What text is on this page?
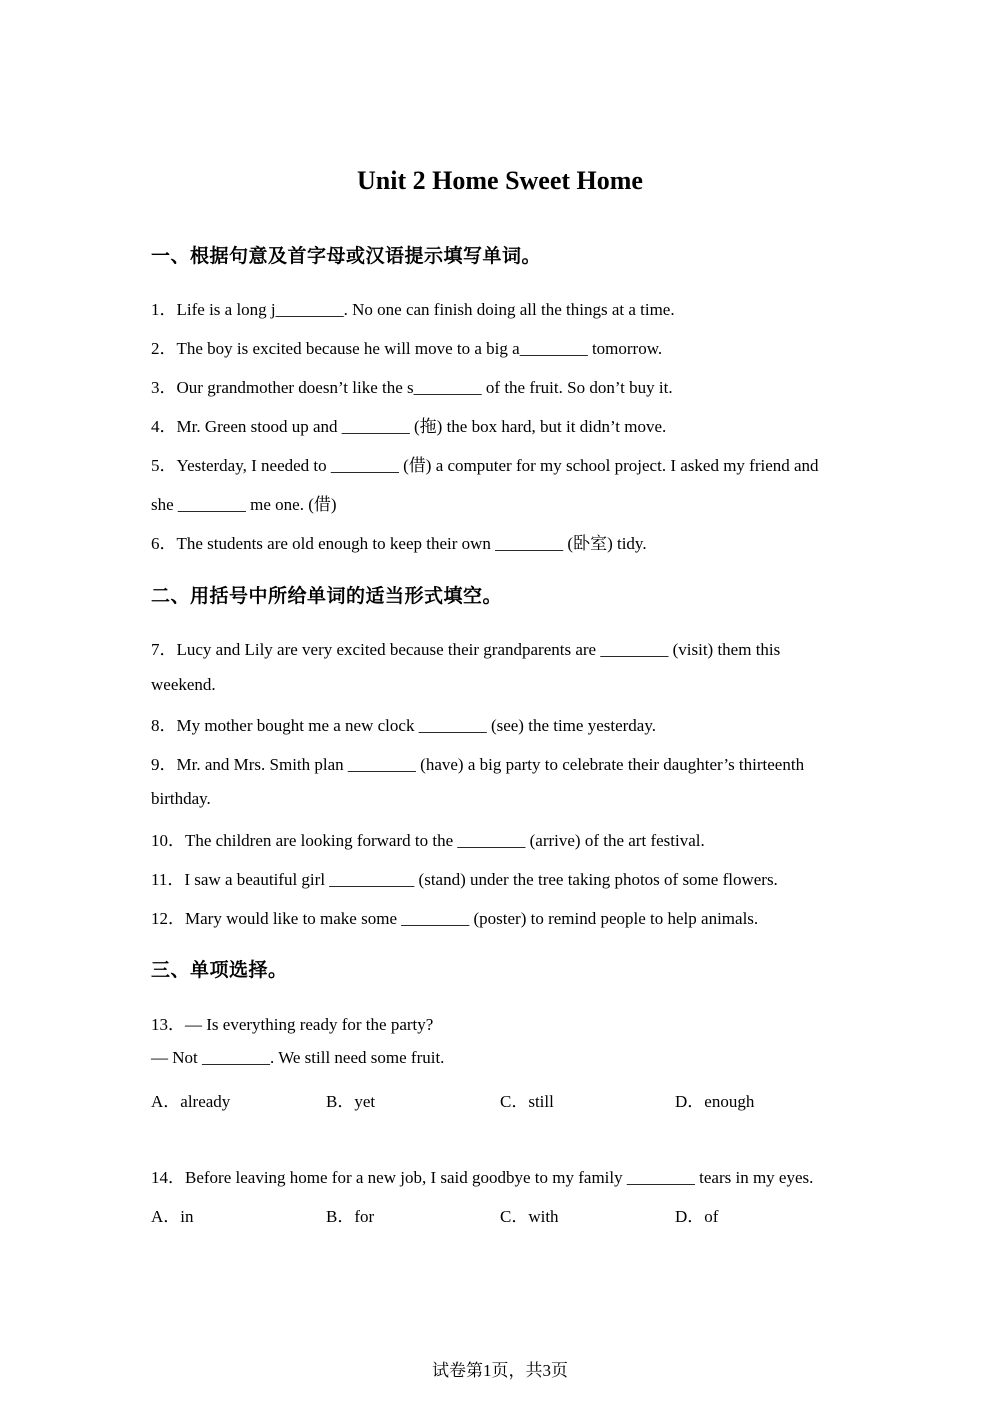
Unit 2 Home Sweet Home
一、根据句意及首字母或汉语提示填写单词。
1．Life is a long j________. No one can finish doing all the things at a time.
2．The boy is excited because he will move to a big a________ tomorrow.
3．Our grandmother doesn’t like the s________ of the fruit. So don’t buy it.
4．Mr. Green stood up and ________ (拖) the box hard, but it didn’t move.
5．Yesterday, I needed to ________ (借) a computer for my school project. I asked my friend and
she ________ me one. (借)
6．The students are old enough to keep their own ________ (卧室) tidy.
二、用括号中所给单词的适当形式填空。
7．Lucy and Lily are very excited because their grandparents are ________ (visit) them this
weekend.
8．My mother bought me a new clock ________ (see) the time yesterday.
9．Mr. and Mrs. Smith plan ________ (have) a big party to celebrate their daughter’s thirteenth
birthday.
10．The children are looking forward to the ________ (arrive) of the art festival.
11．I saw a beautiful girl __________ (stand) under the tree taking photos of some flowers.
12．Mary would like to make some ________ (poster) to remind people to help animals.
三、单项选择。
13．— Is everything ready for the party?
— Not ________. We still need some fruit.
A．already	B．yet	C．still	D．enough
14．Before leaving home for a new job, I said goodbye to my family ________ tears in my eyes.
A．in	B．for	C．with	D．of
试卷第1页，共3页
